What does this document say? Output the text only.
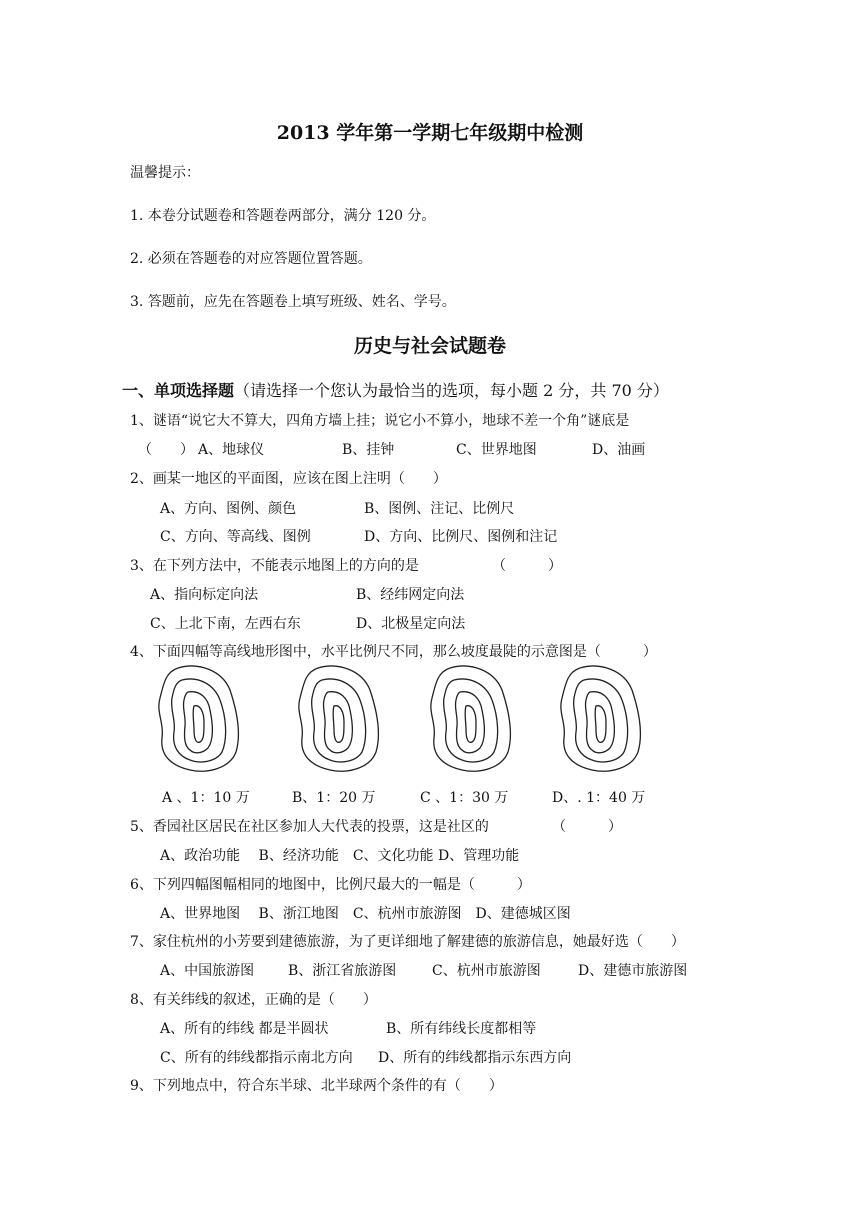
2013 学年第一学期七年级期中检测
温馨提示：
1. 本卷分试题卷和答题卷两部分，满分 120 分。
2. 必须在答题卷的对应答题位置答题。
3. 答题前，应先在答题卷上填写班级、姓名、学号。
历史与社会试题卷
一、单项选择题（请选择一个您认为最恰当的选项，每小题 2 分，共 70 分）
1、谜语“说它大不算大，四角方墙上挂；说它小不算小，地球不差一个角”谜底是
（　　） A、地球仪	B、挂钟	C、世界地图	D、油画
2、画某一地区的平面图，应该在图上注明（　　）
A、方向、图例、颜色	B、图例、注记、比例尺
C、方向、等高线、图例	D、方向、比例尺、图例和注记
3、在下列方法中，不能表示地图上的方向的是	（　　　）
A、指向标定向法	B、经纬网定向法
C、上北下南，左西右东	D、北极星定向法
4、下面四幅等高线地形图中，水平比例尺不同，那么坡度最陡的示意图是（　　　）
A 、1：10 万	B、1：20 万	C 、1：30 万	D、. 1：40 万
5、香园社区居民在社区参加人大代表的投票，这是社区的	（　　　）
A、政治功能　 B、经济功能　C、文化功能 D、管理功能
6、下列四幅图幅相同的地图中，比例尺最大的一幅是（　　　）
A、世界地图　 B、浙江地图　C、杭州市旅游图　D、建德城区图
7、家住杭州的小芳要到建德旅游，为了更详细地了解建德的旅游信息，她最好选（　　）
A、中国旅游图 B、浙江省旅游图	C、杭州市旅游图	D、建德市旅游图
8、有关纬线的叙述，正确的是（　　）
A、所有的纬线 都是半圆状	B、所有纬线长度都相等
C、所有的纬线都指示南北方向 D、所有的纬线都指示东西方向
9、下列地点中，符合东半球、北半球两个条件的有（　　）
